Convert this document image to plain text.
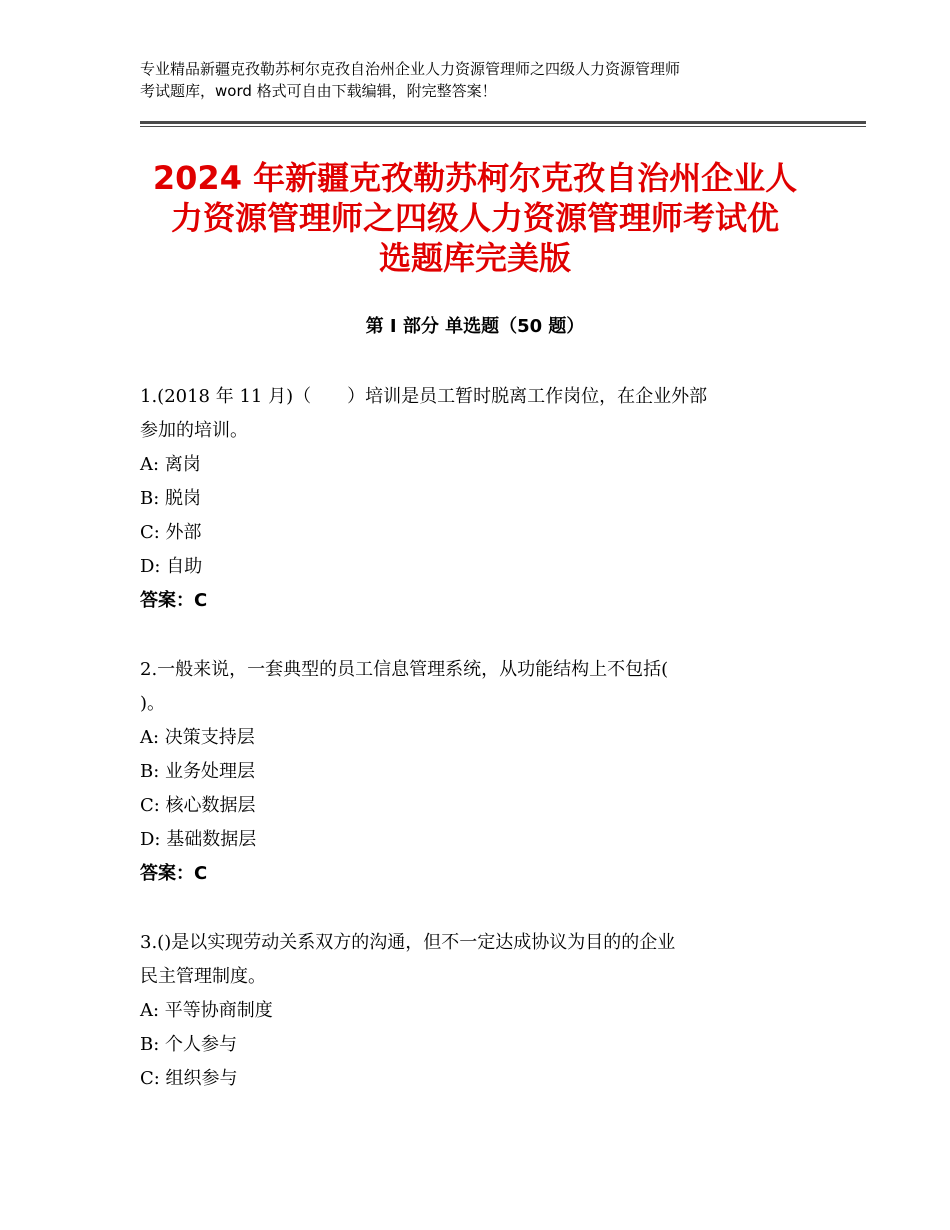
专业精品新疆克孜勒苏柯尔克孜自治州企业人力资源管理师之四级人力资源管理师
考试题库，word 格式可自由下载编辑，附完整答案！
2024 年新疆克孜勒苏柯尔克孜自治州企业人
力资源管理师之四级人力资源管理师考试优
选题库完美版
第 I 部分 单选题（50 题）
1.(2018 年 11 月)（　　）培训是员工暂时脱离工作岗位，在企业外部
参加的培训。
A: 离岗
B: 脱岗
C: 外部
D: 自助
答案：C
2.一般来说，一套典型的员工信息管理系统，从功能结构上不包括(
)。
A: 决策支持层
B: 业务处理层
C: 核心数据层
D: 基础数据层
答案：C
3.()是以实现劳动关系双方的沟通，但不一定达成协议为目的的企业
民主管理制度。
A: 平等协商制度
B: 个人参与
C: 组织参与
